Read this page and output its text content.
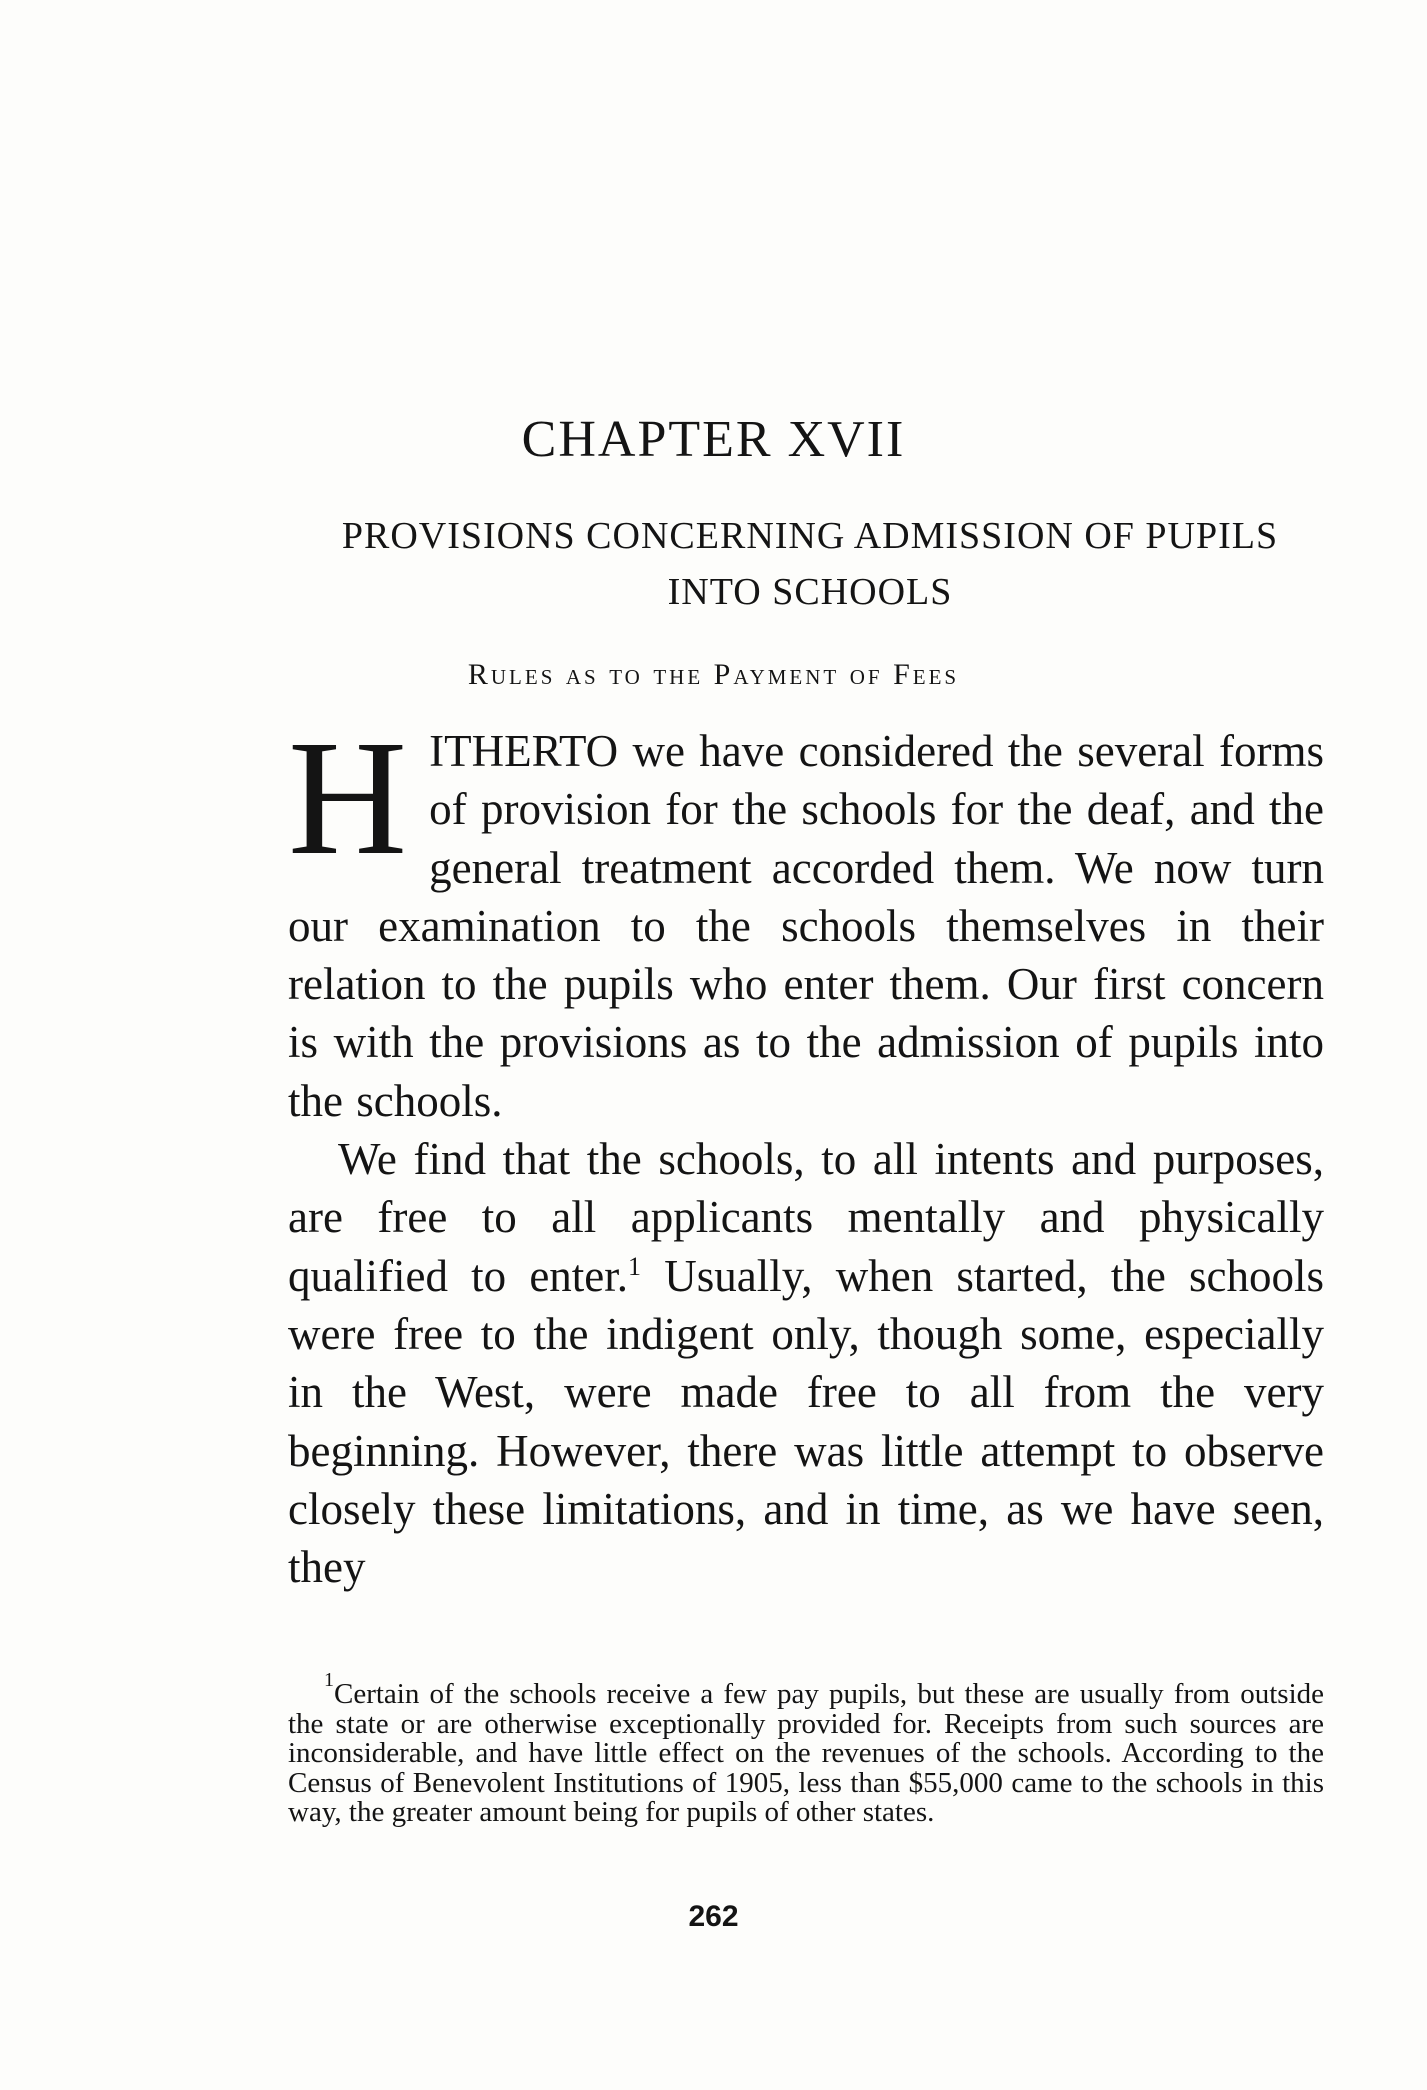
CHAPTER XVII
PROVISIONS CONCERNING ADMISSION OF PUPILS INTO SCHOOLS
Rules as to the Payment of Fees

HITHERTO we have considered the several forms of provision for the schools for the deaf, and the general treatment accorded them. We now turn our examination to the schools themselves in their relation to the pupils who enter them. Our first concern is with the provisions as to the admission of pupils into the schools.

We find that the schools, to all intents and purposes, are free to all applicants mentally and physically qualified to enter.$^1$ Usually, when started, the schools were free to the indigent only, though some, especially in the West, were made free to all from the very beginning. However, there was little attempt to observe closely these limitations, and in time, as we have seen, they

$^1$Certain of the schools receive a few pay pupils, but these are usually from outside the state or are otherwise exceptionally provided for. Receipts from such sources are inconsiderable, and have little effect on the revenues of the schools. According to the Census of Benevolent Institutions of 1905, less than $55,000 came to the schools in this way, the greater amount being for pupils of other states.
262
